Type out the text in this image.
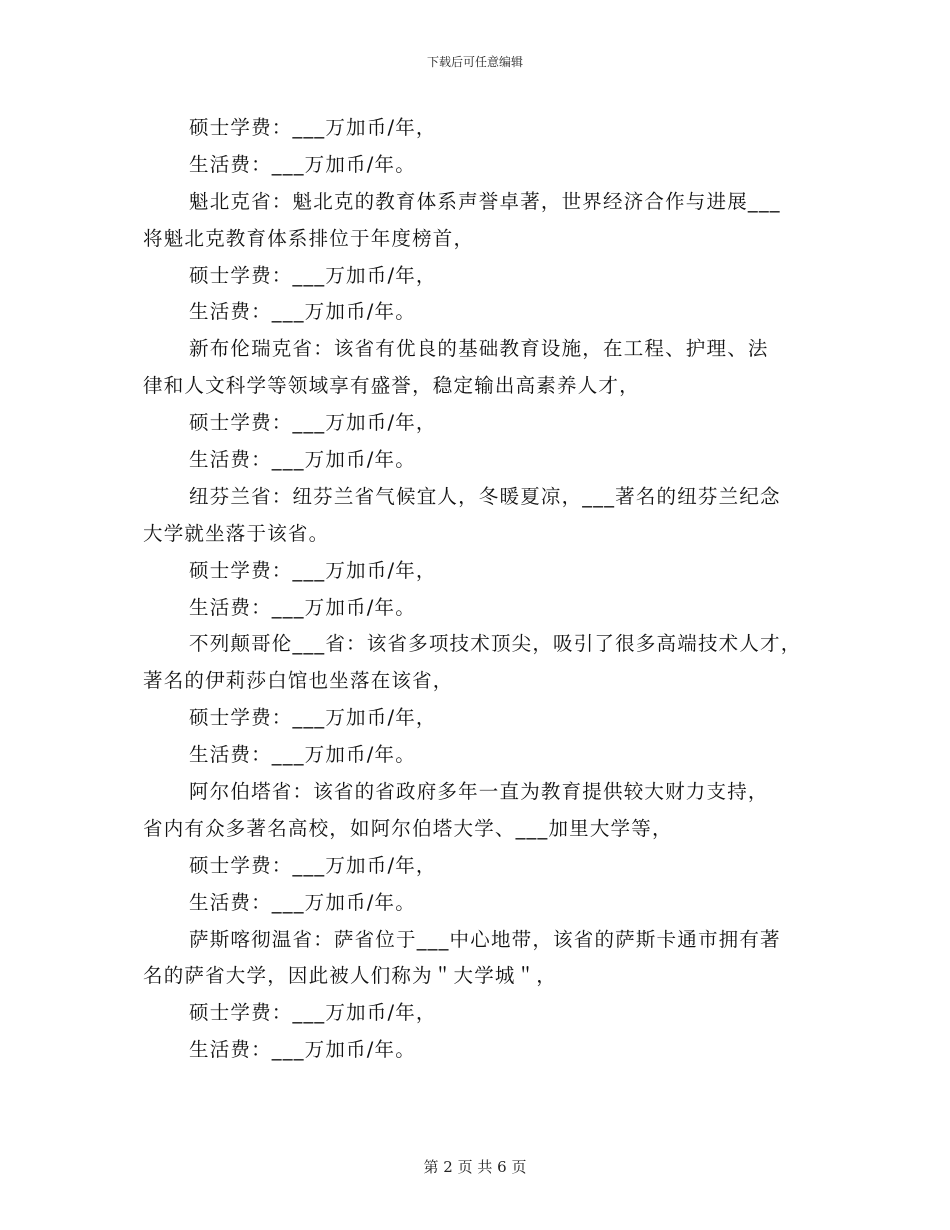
下载后可任意编辑
硕士学费：___万加币/年，
生活费：___万加币/年。
魁北克省：魁北克的教育体系声誉卓著，世界经济合作与进展___
将魁北克教育体系排位于年度榜首，
硕士学费：___万加币/年，
生活费：___万加币/年。
新布伦瑞克省：该省有优良的基础教育设施，在工程、护理、法
律和人文科学等领域享有盛誉，稳定输出高素养人才，
硕士学费：___万加币/年，
生活费：___万加币/年。
纽芬兰省：纽芬兰省气候宜人，冬暖夏凉，___著名的纽芬兰纪念
大学就坐落于该省。
硕士学费：___万加币/年，
生活费：___万加币/年。
不列颠哥伦___省：该省多项技术顶尖，吸引了很多高端技术人才，
著名的伊莉莎白馆也坐落在该省，
硕士学费：___万加币/年，
生活费：___万加币/年。
阿尔伯塔省：该省的省政府多年一直为教育提供较大财力支持，
省内有众多著名高校，如阿尔伯塔大学、___加里大学等，
硕士学费：___万加币/年，
生活费：___万加币/年。
萨斯喀彻温省：萨省位于___中心地带，该省的萨斯卡通市拥有著
名的萨省大学，因此被人们称为＂大学城＂，
硕士学费：___万加币/年，
生活费：___万加币/年。
第 2 页 共 6 页
